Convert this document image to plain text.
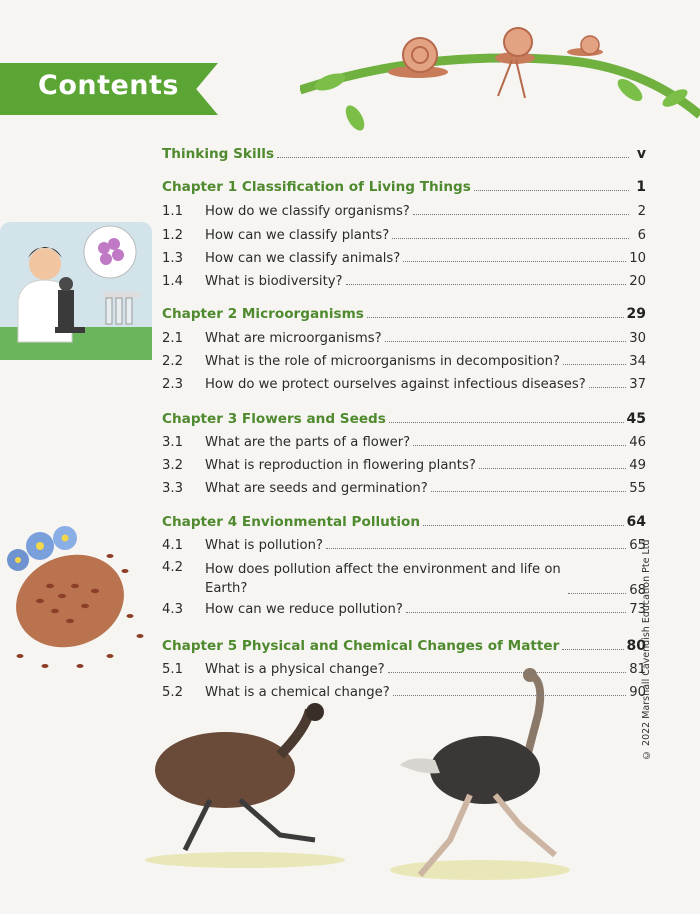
Contents
Thinking Skills	v
Chapter 1 Classification of Living Things	1
1.1	How do we classify organisms?	2
1.2	How can we classify plants?	6
1.3	How can we classify animals?	10
1.4	What is biodiversity?	20
Chapter 2 Microorganisms	29
2.1	What are microorganisms?	30
2.2	What is the role of microorganisms in decomposition?	34
2.3	How do we protect ourselves against infectious diseases?	37
Chapter 3 Flowers and Seeds	45
3.1	What are the parts of a flower?	46
3.2	What is reproduction in flowering plants?	49
3.3	What are seeds and germination?	55
Chapter 4 Envionmental Pollution	64
4.1	What is pollution?	65
4.2	How does pollution affect the environment and life on Earth?	68
4.3	How can we reduce pollution?	73
Chapter 5 Physical and Chemical Changes of Matter	80
5.1	What is a physical change?	81
5.2	What is a chemical change?	90
© 2022 Marshall Cavendish Education Pte Ltd
